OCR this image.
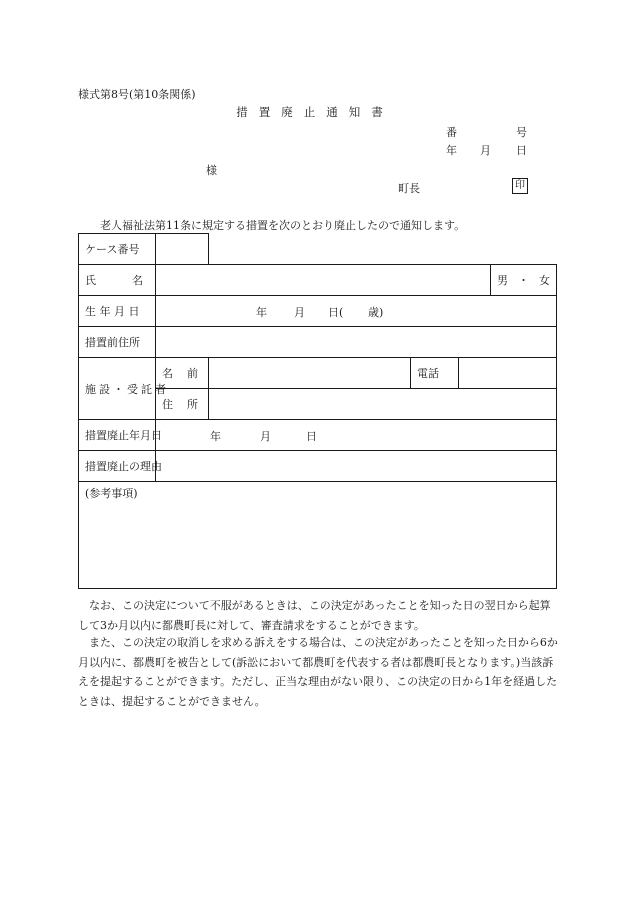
様式第8号(第10条関係)
措置廃止通知書
番	号
年 月 日
様
町長	印
老人福祉法第11条に規定する措置を次のとおり廃止したので通知します。
ケース番号					

氏 名					男 ・ 女

生 年 月 日	年 月 日( 歳)				

措置前住所					
施設・受託者	名 前		電話		

	住 所				

措置廃止年月日	年 月 日				

措置廃止の理由					
(参考事項)					
なお、この決定について不服があるときは、この決定があったことを知った日の翌日から起算して3か月以内に都農町長に対して、審査請求をすることができます。
また、この決定の取消しを求める訴えをする場合は、この決定があったことを知った日から6か月以内に、都農町を被告として(訴訟において都農町を代表する者は都農町長となります。)当該訴えを提起することができます。ただし、正当な理由がない限り、この決定の日から1年を経過したときは、提起することができません。
